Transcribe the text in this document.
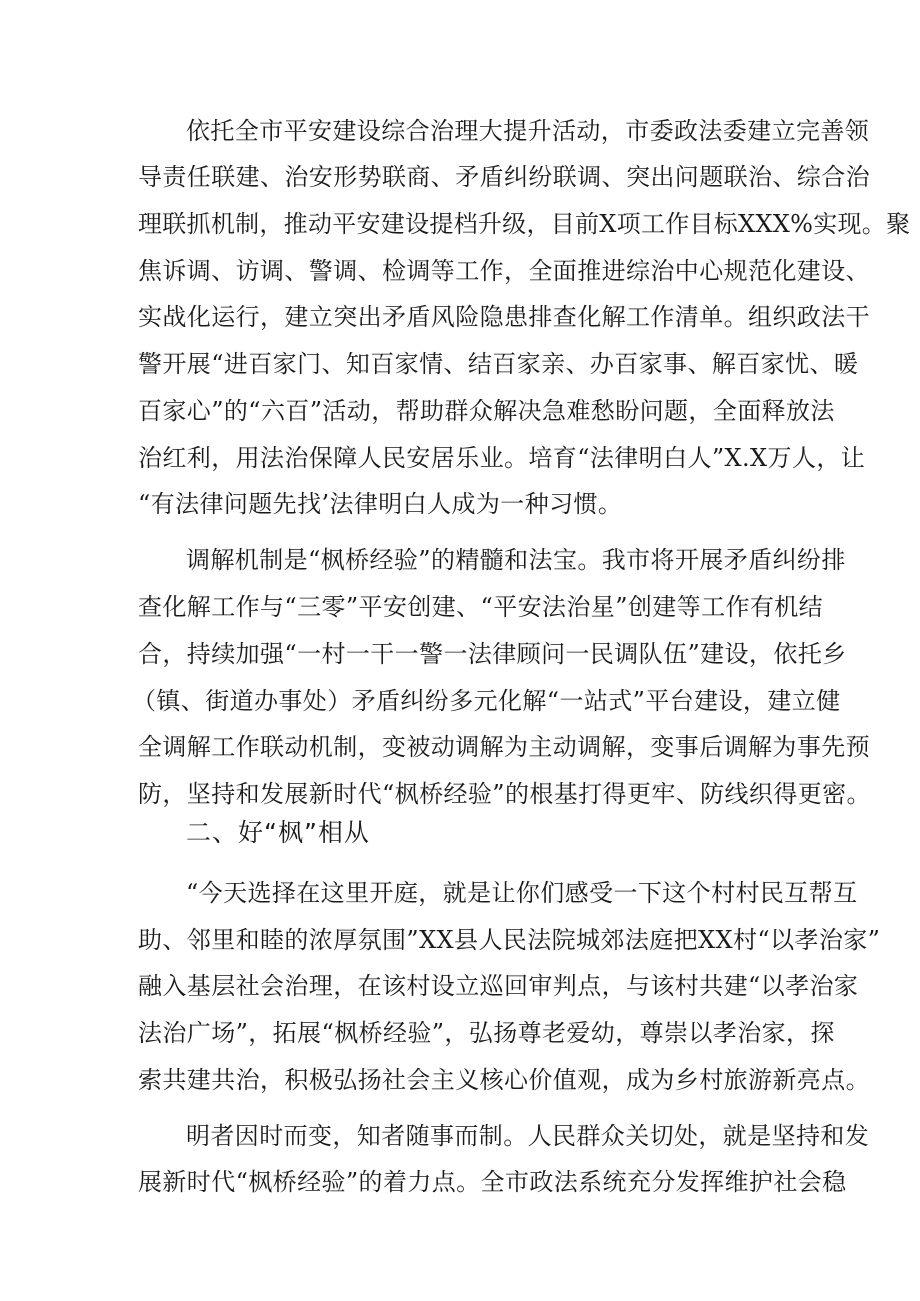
依托全市平安建设综合治理大提升活动，市委政法委建立完善领
导责任联建、治安形势联商、矛盾纠纷联调、突出问题联治、综合治
理联抓机制，推动平安建设提档升级，目前X项工作目标XXX%实现。聚
焦诉调、访调、警调、检调等工作，全面推进综治中心规范化建设、
实战化运行，建立突出矛盾风险隐患排查化解工作清单。组织政法干
警开展“进百家门、知百家情、结百家亲、办百家事、解百家忧、暖
百家心”的“六百”活动，帮助群众解决急难愁盼问题，全面释放法
治红利，用法治保障人民安居乐业。培育“法律明白人”X.X万人，让
“有法律问题先找’法律明白人成为一种习惯。
调解机制是“枫桥经验”的精髓和法宝。我市将开展矛盾纠纷排
查化解工作与“三零”平安创建、“平安法治星”创建等工作有机结
合，持续加强“一村一干一警一法律顾问一民调队伍”建设，依托乡
（镇、街道办事处）矛盾纠纷多元化解“一站式”平台建设，建立健
全调解工作联动机制，变被动调解为主动调解，变事后调解为事先预
防，坚持和发展新时代“枫桥经验”的根基打得更牢、防线织得更密。
二、好“枫”相从
“今天选择在这里开庭，就是让你们感受一下这个村村民互帮互
助、邻里和睦的浓厚氛围”XX县人民法院城郊法庭把XX村“以孝治家”
融入基层社会治理，在该村设立巡回审判点，与该村共建“以孝治家
法治广场”，拓展“枫桥经验”，弘扬尊老爱幼，尊崇以孝治家，探
索共建共治，积极弘扬社会主义核心价值观，成为乡村旅游新亮点。
明者因时而变，知者随事而制。人民群众关切处，就是坚持和发
展新时代“枫桥经验”的着力点。全市政法系统充分发挥维护社会稳
